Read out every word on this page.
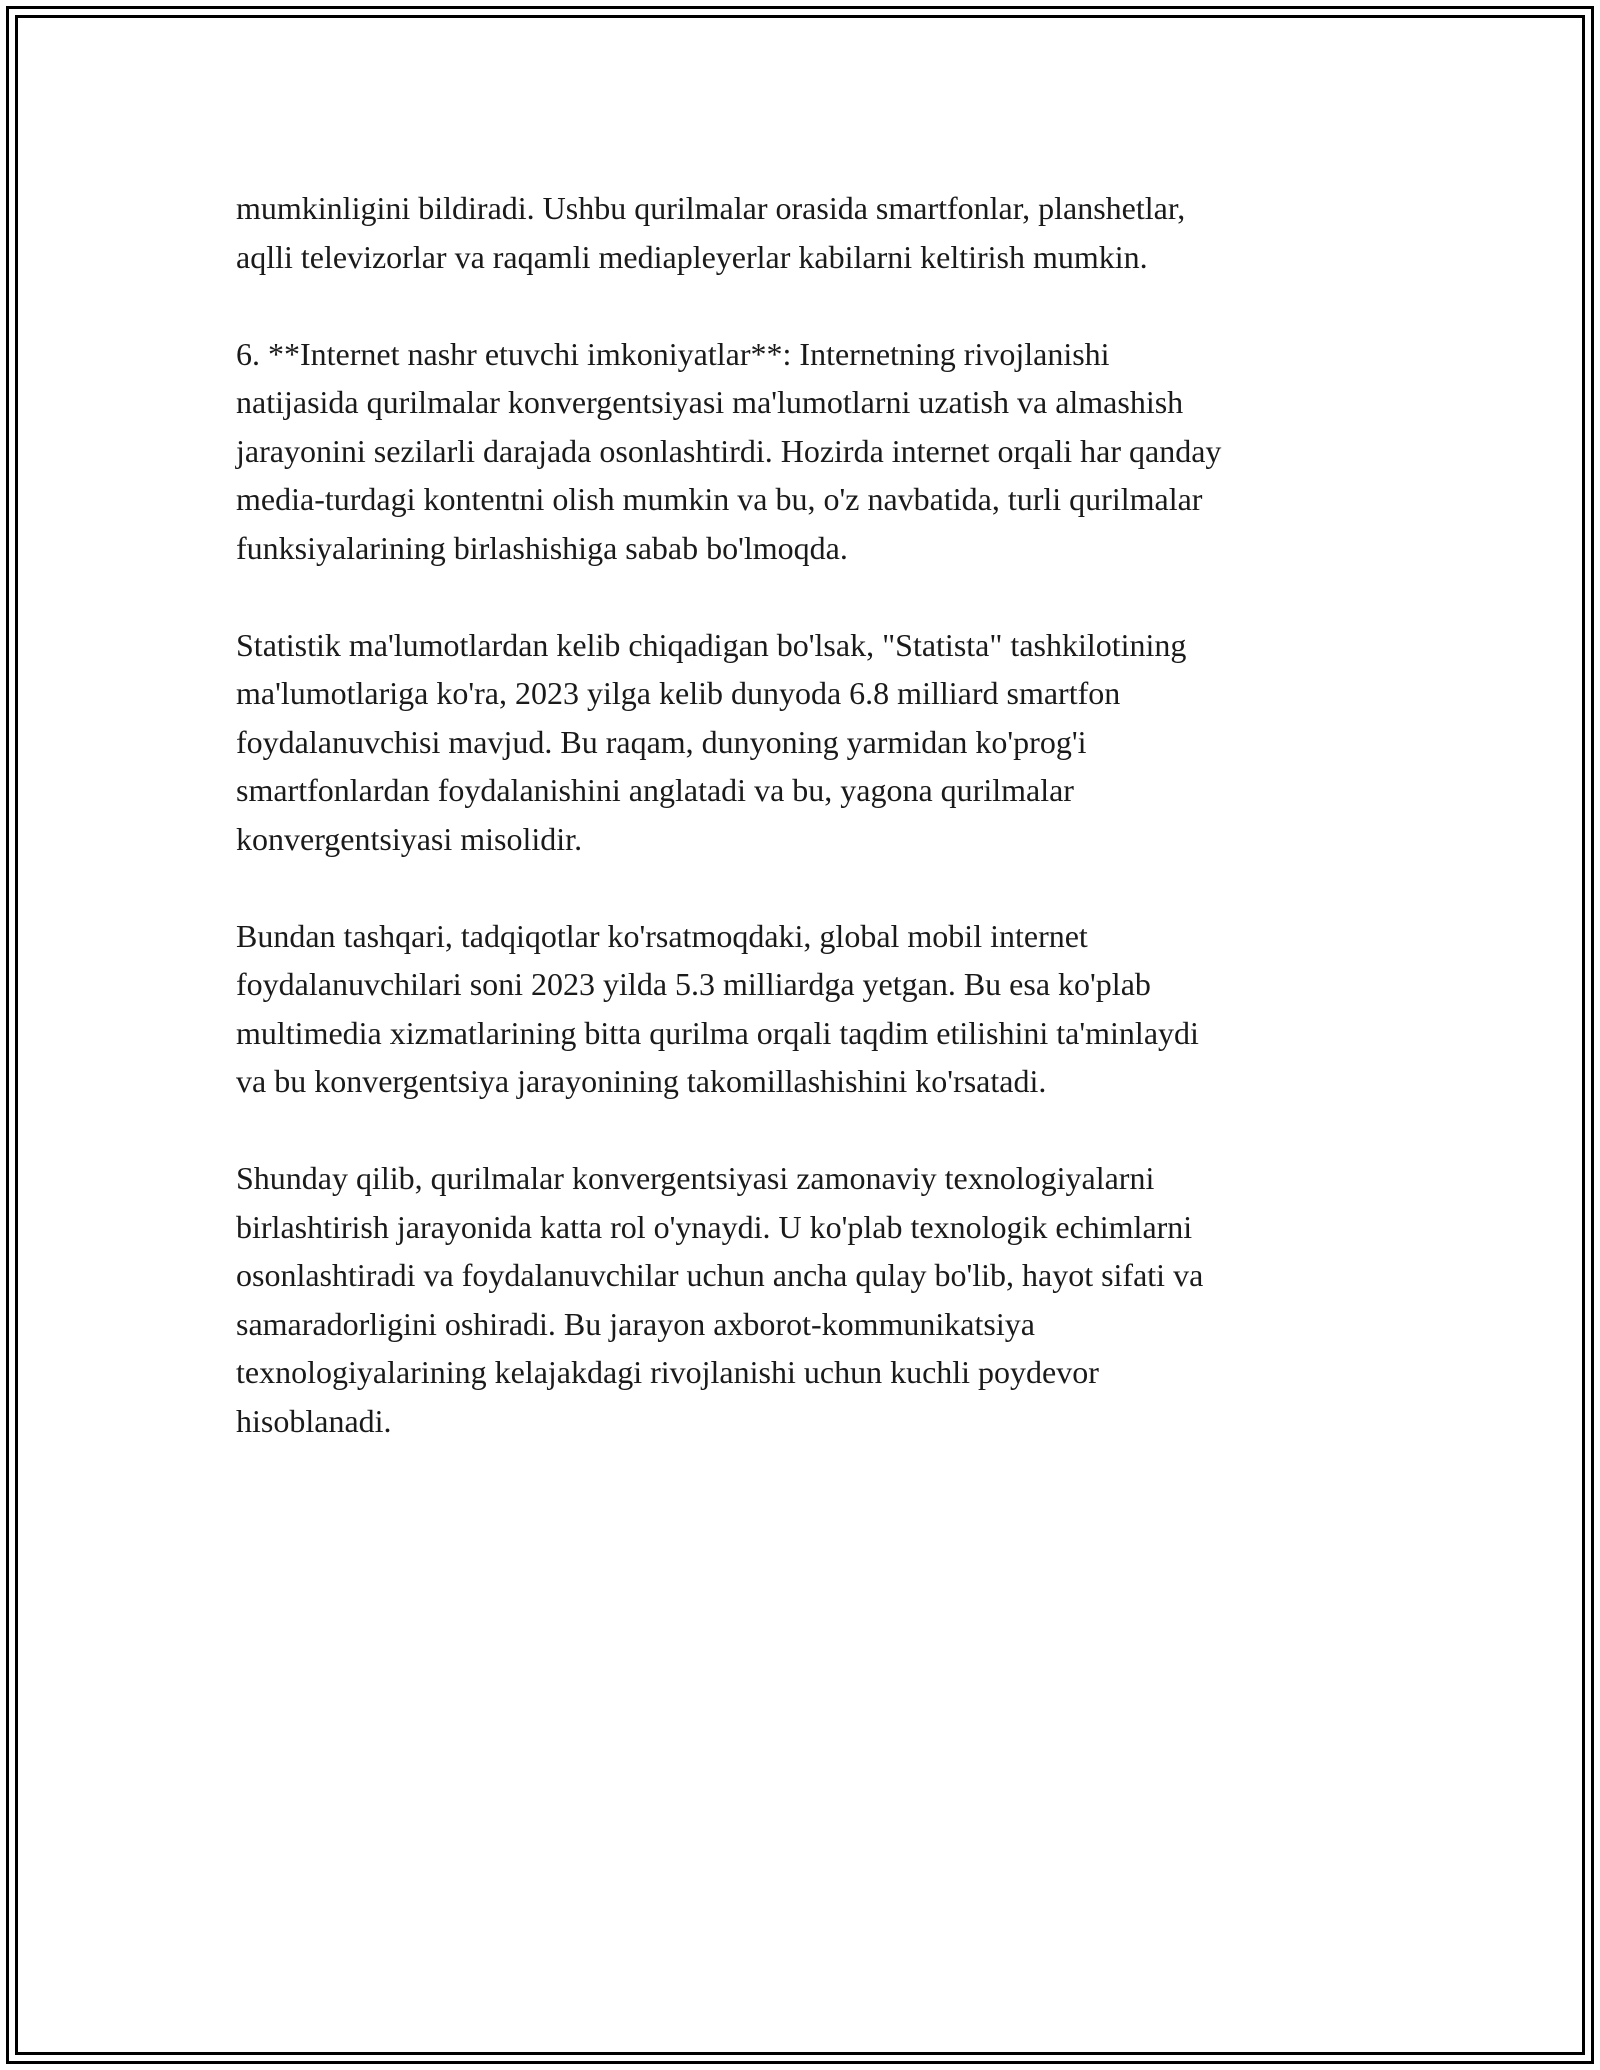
mumkinligini bildiradi. Ushbu qurilmalar orasida smartfonlar, planshetlar,
aqlli televizorlar va raqamli mediapleyerlar kabilarni keltirish mumkin.

6. **Internet nashr etuvchi imkoniyatlar**: Internetning rivojlanishi
natijasida qurilmalar konvergentsiyasi ma'lumotlarni uzatish va almashish
jarayonini sezilarli darajada osonlashtirdi. Hozirda internet orqali har qanday
media-turdagi kontentni olish mumkin va bu, o'z navbatida, turli qurilmalar
funksiyalarining birlashishiga sabab bo'lmoqda.

Statistik ma'lumotlardan kelib chiqadigan bo'lsak, "Statista" tashkilotining
ma'lumotlariga ko'ra, 2023 yilga kelib dunyoda 6.8 milliard smartfon
foydalanuvchisi mavjud. Bu raqam, dunyoning yarmidan ko'prog'i
smartfonlardan foydalanishini anglatadi va bu, yagona qurilmalar
konvergentsiyasi misolidir.

Bundan tashqari, tadqiqotlar ko'rsatmoqdaki, global mobil internet
foydalanuvchilari soni 2023 yilda 5.3 milliardga yetgan. Bu esa ko'plab
multimedia xizmatlarining bitta qurilma orqali taqdim etilishini ta'minlaydi
va bu konvergentsiya jarayonining takomillashishini ko'rsatadi.

Shunday qilib, qurilmalar konvergentsiyasi zamonaviy texnologiyalarni
birlashtirish jarayonida katta rol o'ynaydi. U ko'plab texnologik echimlarni
osonlashtiradi va foydalanuvchilar uchun ancha qulay bo'lib, hayot sifati va
samaradorligini oshiradi. Bu jarayon axborot-kommunikatsiya
texnologiyalarining kelajakdagi rivojlanishi uchun kuchli poydevor
hisoblanadi.
